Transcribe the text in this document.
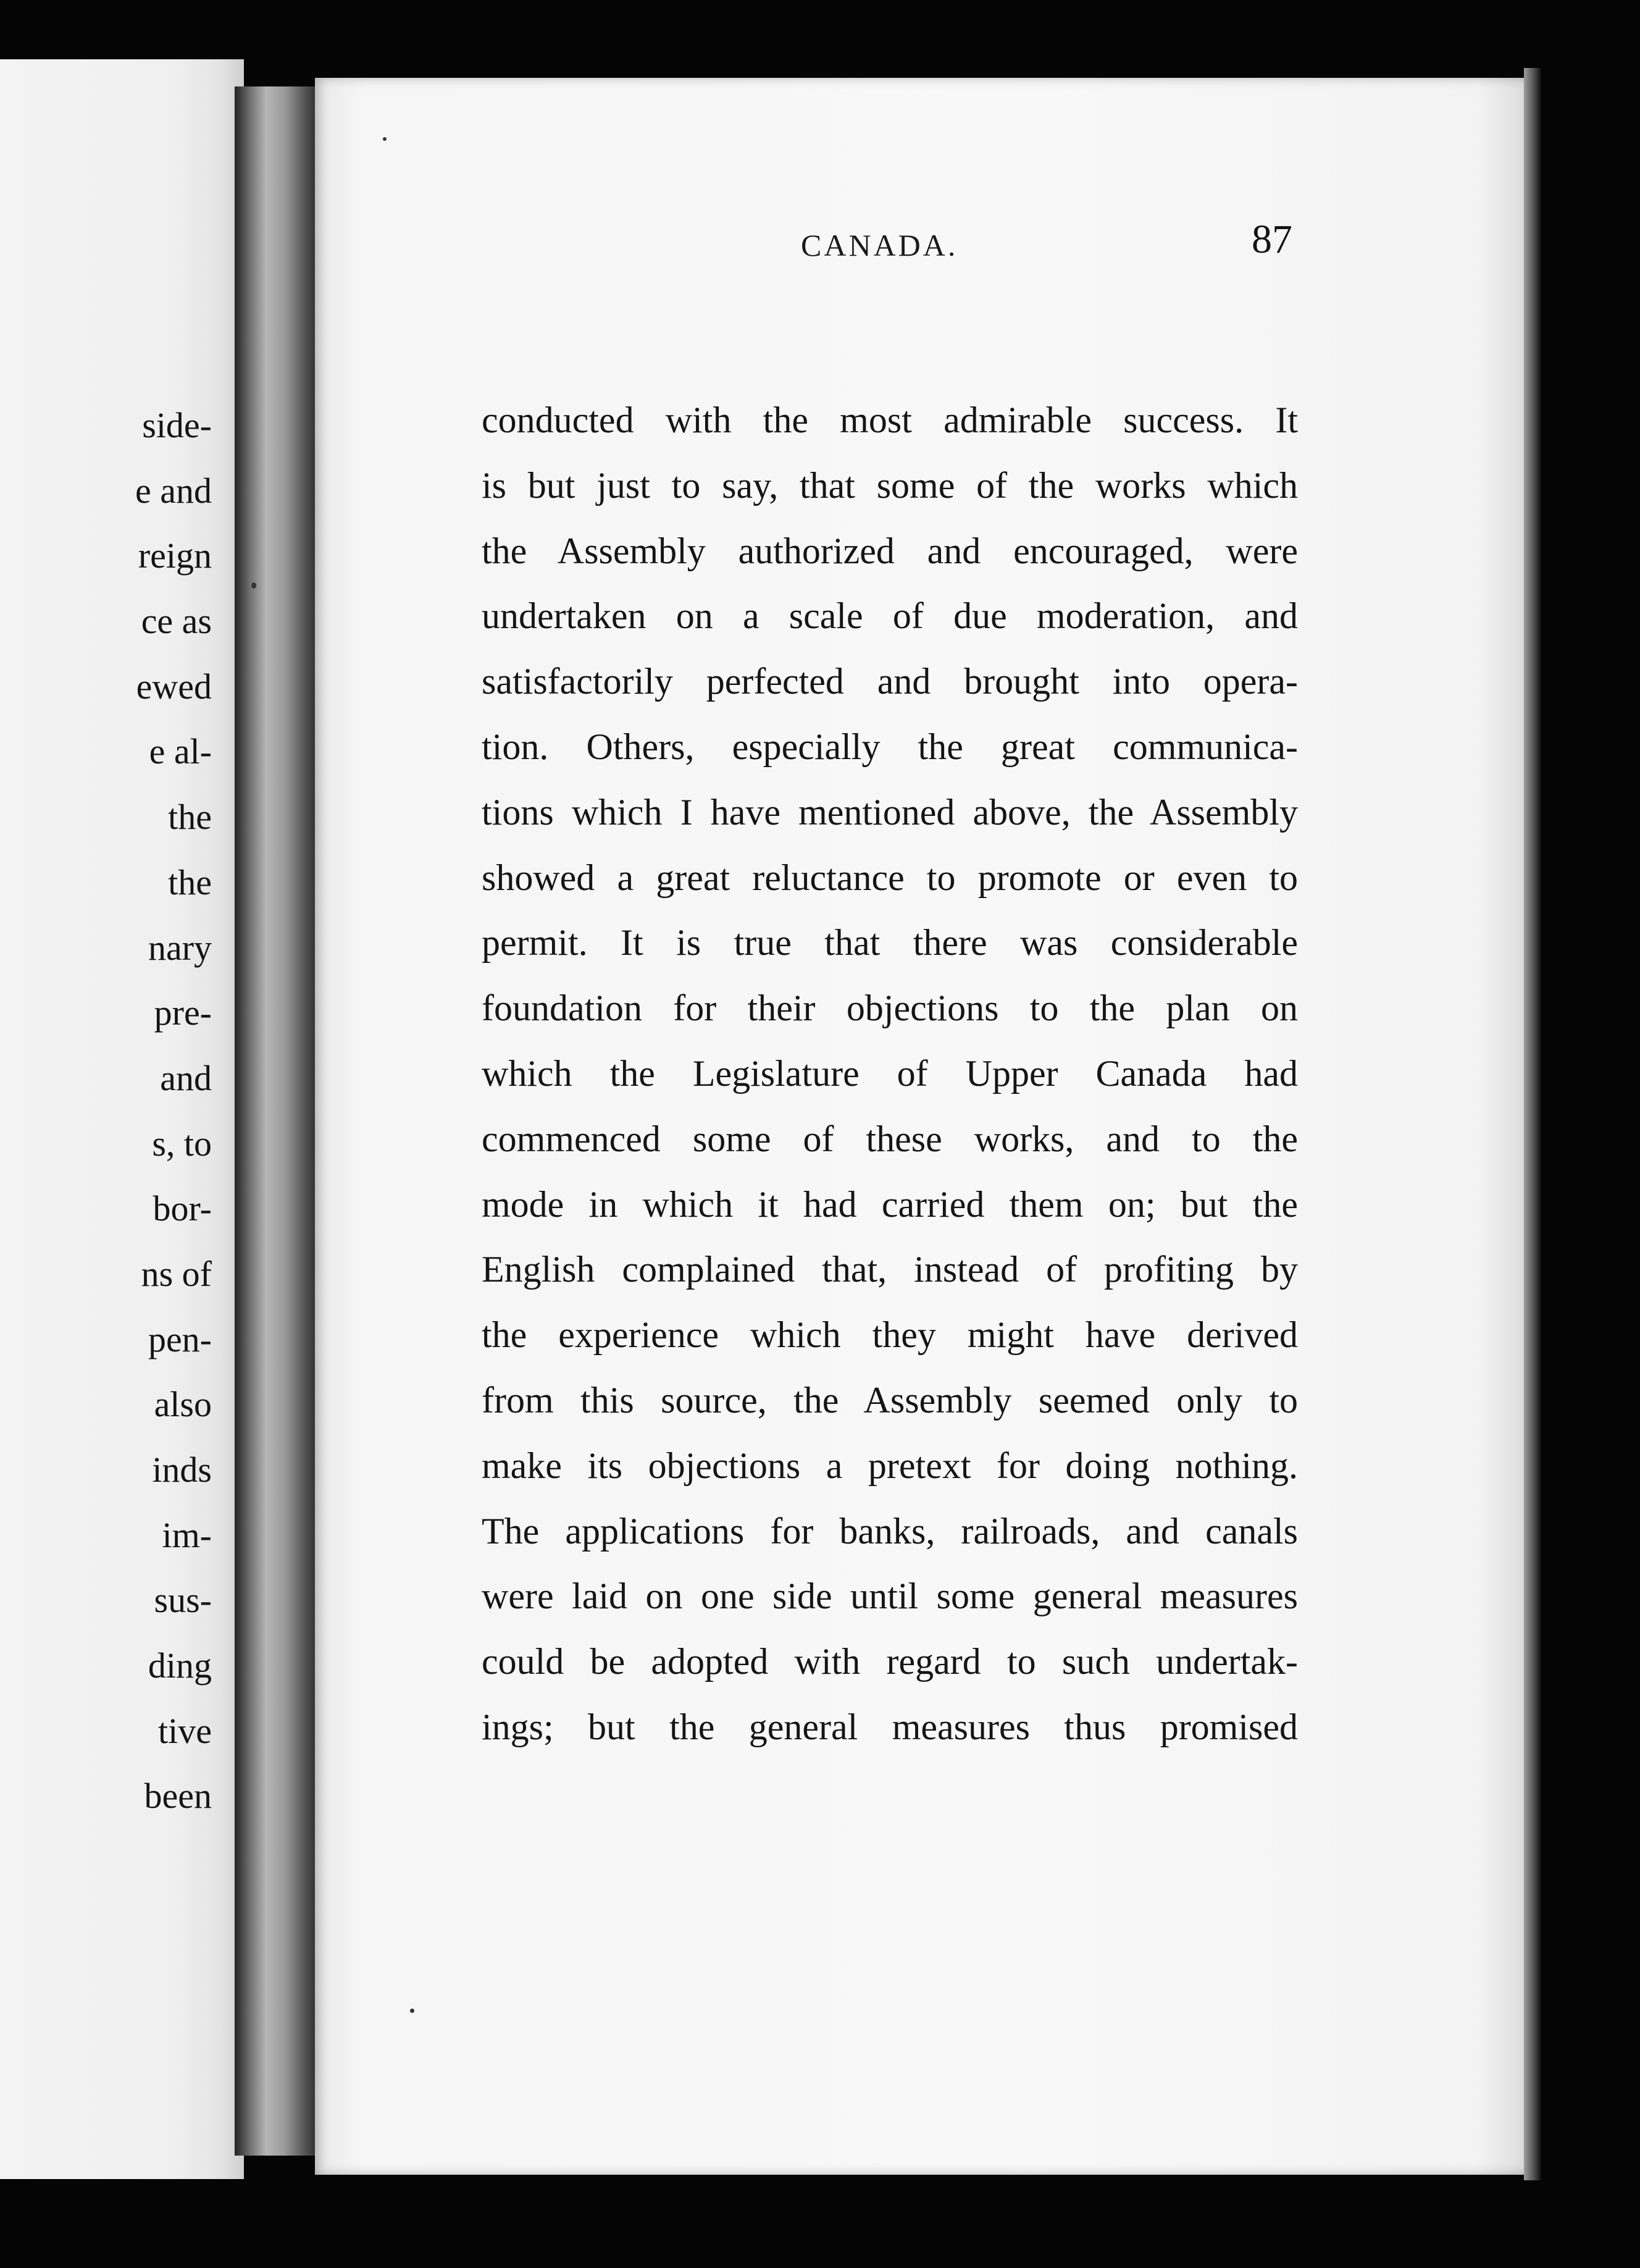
side-
e and
reign
ce as
ewed
e al-
the
the
nary
pre-
and
s, to
bor-
ns of
pen-
also
inds
im-
sus-
ding
tive
been
CANADA.	87
conducted with the most admirable success. It
is but just to say, that some of the works which
the Assembly authorized and encouraged, were
undertaken on a scale of due moderation, and
satisfactorily perfected and brought into opera-
tion. Others, especially the great communica-
tions which I have mentioned above, the Assembly
showed a great reluctance to promote or even to
permit. It is true that there was considerable
foundation for their objections to the plan on
which the Legislature of Upper Canada had
commenced some of these works, and to the
mode in which it had carried them on; but the
English complained that, instead of profiting by
the experience which they might have derived
from this source, the Assembly seemed only to
make its objections a pretext for doing nothing.
The applications for banks, railroads, and canals
were laid on one side until some general measures
could be adopted with regard to such undertak-
ings; but the general measures thus promised
